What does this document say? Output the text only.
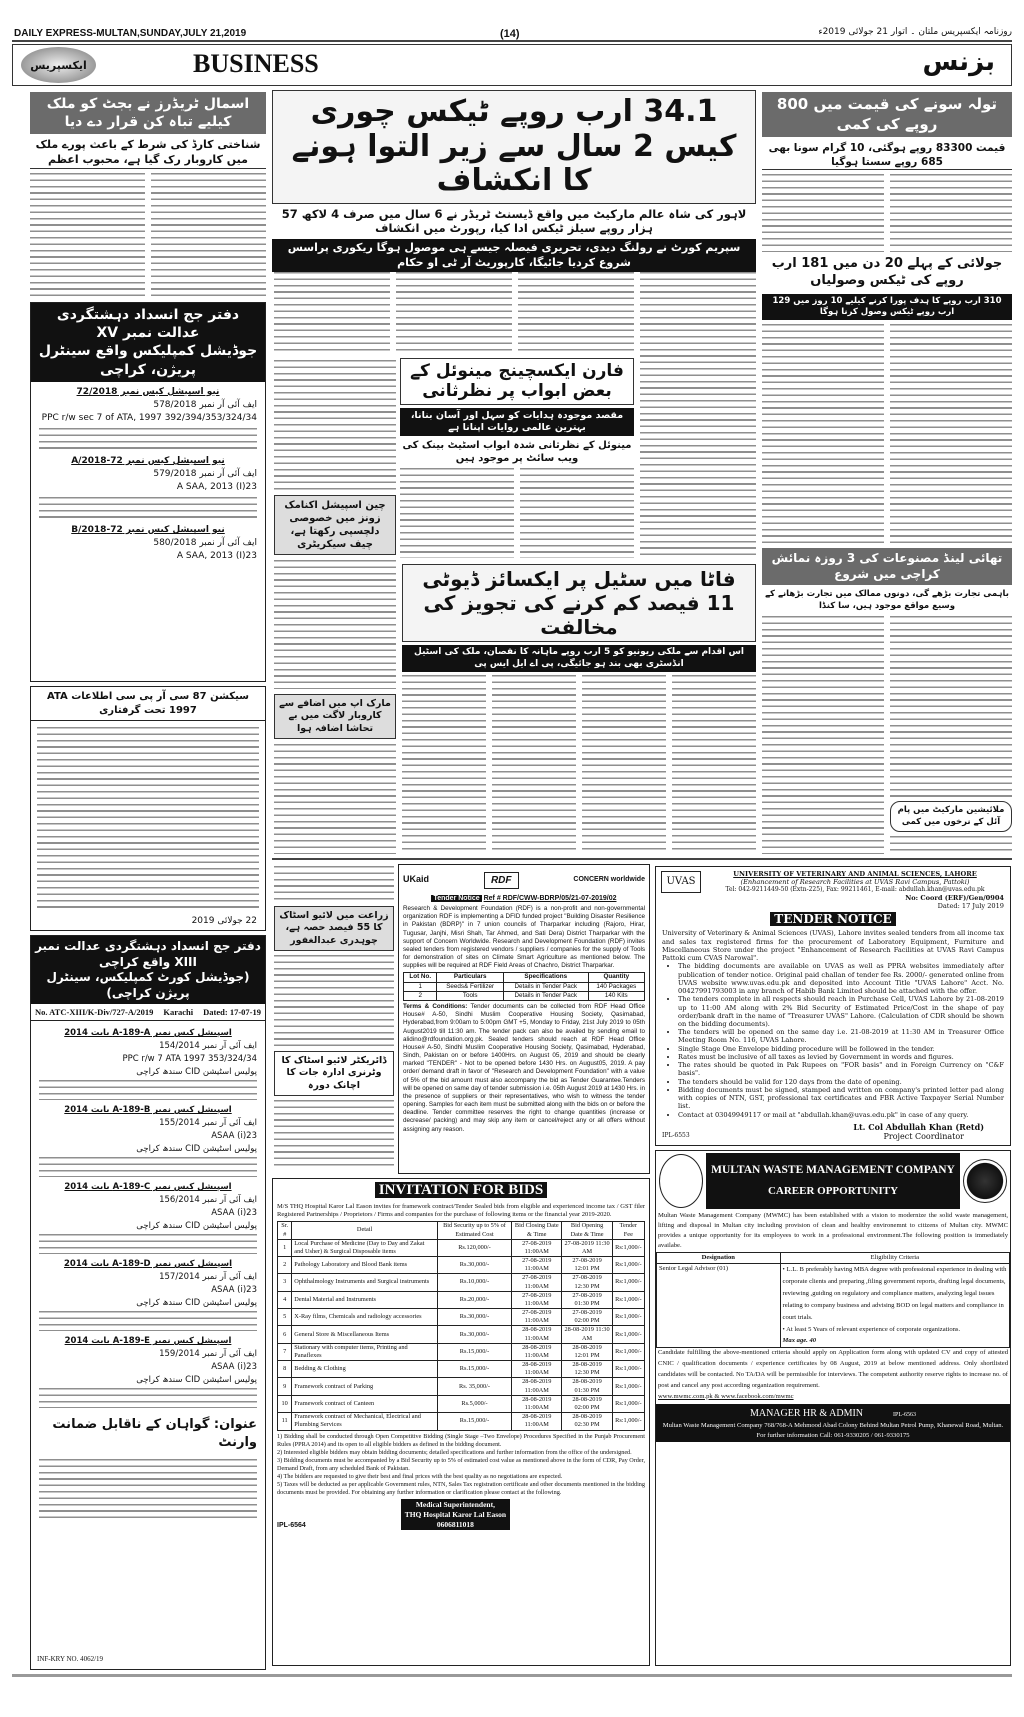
DAILY EXPRESS-MULTAN,SUNDAY,JULY 21,2019	(14)	روزنامہ ایکسپریس ملتان ۔ اتوار 21 جولائی 2019ء
ایکسپریس	BUSINESS	بزنس
اسمال ٹریڈرز نے بجٹ کو ملک کیلیے تباہ کن قرار دے دیا
شناختی کارڈ کی شرط کے باعث پورے ملک میں کاروبار رک گیا ہے، محبوب اعظم
دفتر جج انسداد دہشتگردی عدالت نمبر XV
جوڈیشل کمپلیکس واقع سینٹرل پریژن، کراچی
نیو اسپیشل کیس نمبر 72/2018
ایف آئی آر نمبر 578/2018
392/394/353/324/34 PPC r/w sec 7 of ATA, 1997
نیو اسپیشل کیس نمبر 72-A/2018
ایف آئی آر نمبر 579/2018
23(I) A SAA, 2013
نیو اسپیشل کیس نمبر 72-B/2018
ایف آئی آر نمبر 580/2018
23(I) A SAA, 2013
سیکشن 87 سی آر پی سی اطلاعات ATA 1997 تحت گرفتاری
22 جولائی 2019
دفتر جج انسداد دہشتگردی عدالت نمبر XIII واقع کراچی
(جوڈیشل کورٹ کمپلیکس، سینٹرل پریژن کراچی)
No. ATC-XIII/K-Div/727-A/2019 Karachi Dated: 17-07-19
اسپیشل کیس نمبر A-189-A بابت 2014
ایف آئی آر نمبر 154/2014
353/324/34 PPC r/w 7 ATA 1997
پولیس اسٹیشن CID سندھ کراچی
اسپیشل کیس نمبر A-189-B بابت 2014
ایف آئی آر نمبر 155/2014
23(i) ASAA
پولیس اسٹیشن CID سندھ کراچی
اسپیشل کیس نمبر A-189-C بابت 2014
ایف آئی آر نمبر 156/2014
23(i) ASAA
پولیس اسٹیشن CID سندھ کراچی
اسپیشل کیس نمبر A-189-D بابت 2014
ایف آئی آر نمبر 157/2014
23(i) ASAA
پولیس اسٹیشن CID سندھ کراچی
اسپیشل کیس نمبر A-189-E بابت 2014
ایف آئی آر نمبر 159/2014
23(i) ASAA
پولیس اسٹیشن CID سندھ کراچی
عنوان: گواہان کے ناقابل ضمانت وارنٹ
INF-KRY NO. 4062/19
34.1 ارب روپے ٹیکس چوری کیس 2 سال سے زیر التوا ہونے کا انکشاف
لاہور کی شاہ عالم مارکیٹ میں واقع ڈیسنٹ ٹریڈر نے 6 سال میں صرف 4 لاکھ 57 ہزار روپے سیلز ٹیکس ادا کیا، رپورٹ میں انکشاف
سپریم کورٹ نے رولنگ دیدی، تحریری فیصلہ جیسے ہی موصول ہوگا ریکوری پراسس شروع کردیا جائیگا، کارپوریٹ آر ٹی او حکام
چین اسپیشل اکنامک زونز میں خصوصی دلچسپی رکھتا ہے، چیف سیکریٹری
مارک اپ میں اضافے سے کاروبار لاگت میں بے تحاشا اضافہ ہوا
فارن ایکسچینج مینوئل کے بعض ابواب پر نظرثانی
مقصد موجودہ ہدایات کو سہل اور آسان بنانا، بہترین عالمی روایات اپنانا ہے
مینوئل کے نظرثانی شدہ ابواب اسٹیٹ بینک کی ویب سائٹ پر موجود ہیں
فاٹا میں سٹیل پر ایکسائز ڈیوٹی 11 فیصد کم کرنے کی تجویز کی مخالفت
اس اقدام سے ملکی ریونیو کو 5 ارب روپے ماہانہ کا نقصان، ملک کی اسٹیل انڈسٹری بھی بند ہو جائیگی، پی اے ایل ایس پی
تولہ سونے کی قیمت میں 800 روپے کی کمی
قیمت 83300 روپے ہوگئی، 10 گرام سونا بھی 685 روپے سستا ہوگیا
جولائی کے پہلے 20 دن میں 181 ارب روپے کی ٹیکس وصولیاں
310 ارب روپے کا ہدف پورا کرنے کیلیے 10 روز میں 129 ارب روپے ٹیکس وصول کرنا ہوگا
تھائی لینڈ مصنوعات کی 3 روزہ نمائش کراچی میں شروع
باہمی تجارت بڑھے گی، دونوں ممالک میں تجارت بڑھانے کے وسیع مواقع موجود ہیں، سا کنڈا
ملائیشین مارکیٹ میں پام آئل کے نرخوں میں کمی
زراعت میں لائیو اسٹاک کا 55 فیصد حصہ ہے، چوہدری عبدالغفور
ڈائریکٹر لائیو اسٹاک کا وٹرنری ادارہ جات کا اچانک دورہ
UKaid	RDF	CONCERN worldwide
Tender Notice Ref # RDF/CWW-BDRP/05/21-07-2019/02
Research & Development Foundation (RDF) is a non-profit and non-governmental organization RDF is implementing a DFID funded project "Building Disaster Resilience in Pakistan (BDRP)" in 7 union councils of Tharparkar including (Rajoro, Hirar, Tugusar, Janjhi, Misri Shah, Tar Ahmed, and Sati Dera) District Tharparkar with the support of Concern Worldwide. Research and Development Foundation (RDF) invites sealed tenders from registered vendors / suppliers / companies for the supply of Tools for demonstration of sites on Climate Smart Agriculture as mentioned below. The supplies will be required at RDF Field Areas of Chachro, District Tharparkar.
Lot No.	Particulars	Specifications	Quantity
1	Seeds& Fertilizer	Details in Tender Pack	140 Packages
2	Tools	Details in Tender Pack	140 Kits
Terms & Conditions: Tender documents can be collected from RDF Head Office House# A-50, Sindhi Muslim Cooperative Housing Society, Qasimabad, Hyderabad,from 9:00am to 5:00pm GMT +5, Monday to Friday, 21st July 2019 to 05th August2019 till 11:30 am. The tender pack can also be availed by sending email to alidino@rdfoundation.org.pk. Sealed tenders should reach at RDF Head Office House# A-50, Sindhi Muslim Cooperative Housing Society, Qasimabad, Hyderabad, Sindh, Pakistan on or before 1400Hrs. on August 05, 2019 and should be clearly marked "TENDER" - Not to be opened before 1430 Hrs. on August05, 2019. A pay order/ demand draft in favor of "Research and Development Foundation" with a value of 5% of the bid amount must also accompany the bid as Tender Guarantee.Tenders will be opened on same day of tender submission i.e. 05th August 2019 at 1430 Hrs. in the presence of suppliers or their representatives, who wish to witness the tender opening. Samples for each item must be submitted along with the bids on or before the deadline. Tender committee reserves the right to change quantities (increase or decrease/ packing) and may skip any item or cancel/reject any or all offers without assigning any reason.
UVAS
UNIVERSITY OF VETERINARY AND ANIMAL SCIENCES, LAHORE
(Enhancement of Research Facilities at UVAS Ravi Campus, Pattoki)
Tel: 042-9211449-50 (Extn-225), Fax: 99211461, E-mail: abdullah.khan@uvas.edu.pk
No: Coord (ERF)/Gen/0904
Dated: 17 July 2019
TENDER NOTICE
University of Veterinary & Animal Sciences (UVAS), Lahore invites sealed tenders from all income tax and sales tax registered firms for the procurement of Laboratory Equipment, Furniture and Miscellaneous Store under the project "Enhancement of Research Facilities at UVAS Ravi Campus Pattoki cum CVAS Narowal".
• The bidding documents are available on UVAS as well as PPRA websites immediately after publication of tender notice. Original paid challan of tender fee Rs. 2000/- generated online from UVAS website www.uvas.edu.pk and deposited into Account Title "UVAS Lahore" Acct. No. 00427991793003 in any branch of Habib Bank Limited should be attached with the offer.
• The tenders complete in all respects should reach in Purchase Cell, UVAS Lahore by 21-08-2019 up to 11:00 AM along with 2% Bid Security of Estimated Price/Cost in the shape of pay order/bank draft in the name of "Treasurer UVAS" Lahore. (Calculation of CDR should be shown on the bidding documents).
• The tenders will be opened on the same day i.e. 21-08-2019 at 11:30 AM in Treasurer Office Meeting Room No. 116, UVAS Lahore.
• Single Stage One Envelope bidding procedure will be followed in the tender.
• Rates must be inclusive of all taxes as levied by Government in words and figures.
• The rates should be quoted in Pak Rupees on "FOR basis" and in Foreign Currency on "C&F basis".
• The tenders should be valid for 120 days from the date of opening.
• Bidding documents must be signed, stamped and written on company's printed letter pad along with copies of NTN, GST, professional tax certificates and FBR Active Taxpayer Serial Number list.
• Contact at 03049949117 or mail at "abdullah.khan@uvas.edu.pk" in case of any query.
Lt. Col Abdullah Khan (Retd)
IPL-6553	Project Coordinator
MULTAN WASTE MANAGEMENT COMPANY
CAREER OPPORTUNITY
Multan Waste Management Company (MWMC) has been established with a vision to modernize the solid waste management, lifting and disposal in Multan city including provision of clean and healthy environemnt to citizens of Multan city. MWMC provides a unique opportunity for its employees to work in a professional environment.The following position is immediately availabe.
Designation	Eligibility Criteria
Senior Legal Advisor (01)	• L.L. B preferably having MBA degree with professional experience in dealing with corporate clients and preparing ,filing government reports, drafting legal documents, reviewing ,guiding on regulatory and compliance matters, analyzing legal issues relating to company business and advising BOD on legal matters and compliance in court trials.
• At least 5 Years of relevant experience of corporate organizations.
Max age. 40
Candidate fulfilling the above-mentioned criteria should apply on Application form along with updated CV and copy of attested CNIC / qualification documents / experience certificates by 08 August, 2019 at below mentioned address. Only shortlisted candidates will be contacted. No TA/DA will be permissible for interviews. The competent authority reserve rights to increase no. of post and cancel any post according organization requirement.
www.mwmc.com.pk & www.facebook.com/mwmc
MANAGER HR & ADMIN	IPL-6563
Multan Waste Management Company 768/768-A Mehmood Abad Colony Behind Multan Petrol Pump, Khanewal Road, Multan. For further information Call: 061-9330205 / 061-9330175
INVITATION FOR BIDS
M/S THQ Hospital Karor Lal Eason invites for framework contract/Tender Sealed bids from eligible and experienced income tax / GST filer Registered Partnerships / Proprietors / Firms and companies for the purchase of following items or the financial year 2019-2020.
Sr. #	Detail	Bid Security up to 5% of Estimated Cost	Bid Closing Date & Time	Bid Opening Date & Time	Tender Fee
1	Local Purchase of Medicine (Day to Day and Zakat and Usher) & Surgical Disposable items	Rs.120,000/-	27-08-2019 11:00AM	27-08-2019 11:30 AM	Rs:1,000/-
2	Pathology Laboratory and Blood Bank items	Rs.30,000/-	27-08-2019 11:00AM	27-08-2019 12:01 PM	Rs:1,000/-
3	Ophthalmology Instruments and Surgical instruments	Rs.10,000/-	27-08-2019 11:00AM	27-08-2019 12:30 PM	Rs:1,000/-
4	Dental Material and Instruments	Rs.20,000/-	27-08-2019 11:00AM	27-08-2019 01:30 PM	Rs:1,000/-
5	X-Ray films, Chemicals and radiology accessories	Rs.30,000/-	27-08-2019 11:00AM	27-08-2019 02:00 PM	Rs:1,000/-
6	General Store & Miscellaneous Items	Rs.30,000/-	28-08-2019 11:00AM	28-08-2019 11:30 AM	Rs:1,000/-
7	Stationary with computer items, Printing and Panaflexes	Rs.15,000/-	28-08-2019 11:00AM	28-08-2019 12:01 PM	Rs:1,000/-
8	Bedding & Clothing	Rs.15,000/-	28-08-2019 11:00AM	28-08-2019 12:30 PM	Rs:1,000/-
9	Framework contract of Parking	Rs. 35,000/-	28-08-2019 11:00AM	28-08-2019 01:30 PM	Rs:1,000/-
10	Framework contract of Canteen	Rs.5,000/-	28-08-2019 11:00AM	28-08-2019 02:00 PM	Rs:1,000/-
11	Framework contract of Mechanical, Electrical and Plumbing Services	Rs.15,000/-	28-08-2019 11:00AM	28-08-2019 02:30 PM	Rs:1,000/-
1) Bidding shall be conducted through Open Competitive Bidding (Single Stage –Two Envelope) Procedures Specified in the Punjab Procurement Rules (PPRA 2014) and its open to all eligible bidders as defined in the bidding document.
2) Interested eligible bidders may obtain bidding documents; detailed specifications and further information from the office of the undersigned.
3) Bidding documents must be accompanied by a Bid Security up to 5% of estimated cost value as mentioned above in the form of CDR, Pay Order, Demand Draft, from any scheduled Bank of Pakistan.
4) The bidders are requested to give their best and final prices with the best quality as no negotiations are expected.
5) Taxes will be deducted as per applicable Government rules, NTN, Sales Tax registration certificate and other documents mentioned in the bidding documents must be provided. For obtaining any further information or clarification please contact at the following.
IPL-6564
Medical Superintendent,
THQ Hospital Karor Lal Eason
0606811018
